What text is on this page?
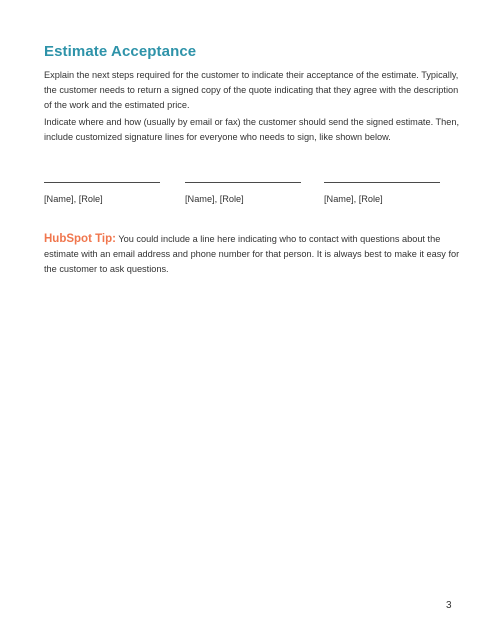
Estimate Acceptance
Explain the next steps required for the customer to indicate their acceptance of the estimate. Typically, the customer needs to return a signed copy of the quote indicating that they agree with the description of the work and the estimated price.
Indicate where and how (usually by email or fax) the customer should send the signed estimate. Then, include customized signature lines for everyone who needs to sign, like shown below.
[Name], [Role]	[Name], [Role]	[Name], [Role]
HubSpot Tip: You could include a line here indicating who to contact with questions about the estimate with an email address and phone number for that person. It is always best to make it easy for the customer to ask questions.
3
